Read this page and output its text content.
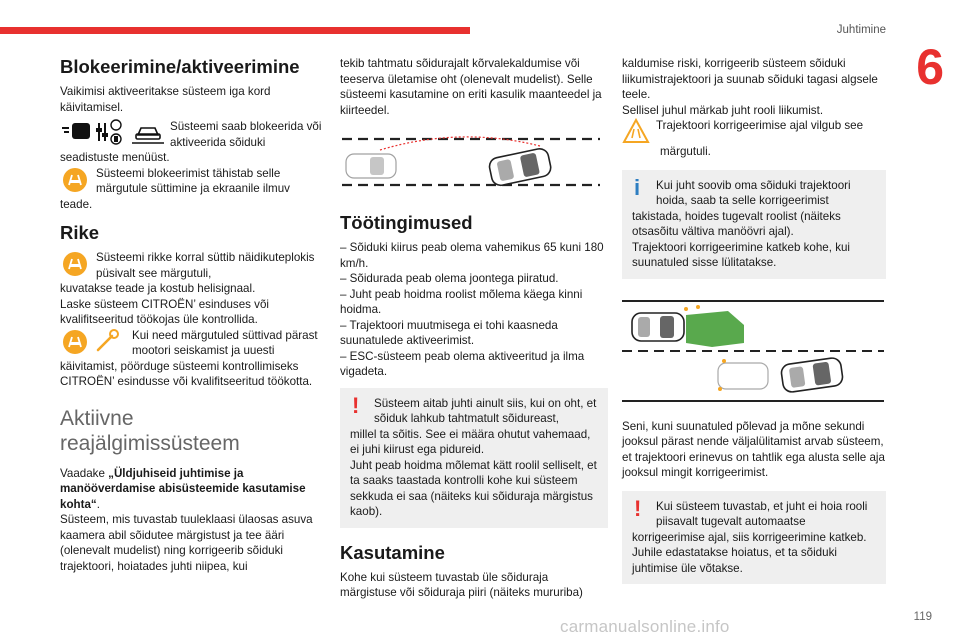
Juhtimine
6
Blokeerimine/aktiveerimine

Vaikimisi aktiveeritakse süsteem iga kord käivitamisel.

Süsteemi saab blokeerida või aktiveerida sõiduki

seadistuste menüüst.

Süsteemi blokeerimist tähistab selle märgutule süttimine ja ekraanile ilmuv

teade.

Rike

Süsteemi rikke korral süttib näidikuteplokis püsivalt see märgutuli,

kuvatakse teade ja kostub helisignaal.

Laske süsteem CITROËN’ esinduses või kvalifitseeritud töökojas üle kontrollida.

Kui need märgutuled süttivad pärast mootori seiskamist ja uuesti

käivitamist, pöörduge süsteemi kontrollimiseks CITROËN’ esindusse või kvalifitseeritud töökotta.

Aktiivne
reajälgimissüsteem

Vaadake „Üldjuhiseid juhtimise ja manööverdamise abisüsteemide kasutamise kohta“.

Süsteem, mis tuvastab tuuleklaasi ülaosas asuva kaamera abil sõidutee märgistust ja tee ääri (olenevalt mudelist) ning korrigeerib sõiduki trajektoori, hoiatades juhti niipea, kui

tekib tahtmatu sõidurajalt kõrvalekaldumise või teeserva ületamise oht (olenevalt mudelist). Selle süsteemi kasutamine on eriti kasulik maanteedel ja kiirteedel.

Töötingimused

– Sõiduki kiirus peab olema vahemikus 65 kuni 180 km/h.

– Sõidurada peab olema joontega piiratud.

– Juht peab hoidma roolist mõlema käega kinni hoidma.

– Trajektoori muutmisega ei tohi kaasneda suunatulede aktiveerimist.

– ESC-süsteem peab olema aktiveeritud ja ilma vigadeta.

!	Süsteem aitab juhti ainult siis, kui on oht, et sõiduk lahkub tahtmatult sõidureast,

millel ta sõitis. See ei määra ohutut vahemaad, ei juhi kiirust ega pidureid.

Juht peab hoidma mõlemat kätt roolil selliselt, et ta saaks taastada kontrolli kohe kui süsteem sekkuda ei saa (näiteks kui sõiduraja märgistus kaob).

Kasutamine

Kohe kui süsteem tuvastab üle sõiduraja märgistuse või sõiduraja piiri (näiteks mururiba)

kaldumise riski, korrigeerib süsteem sõiduki liikumistrajektoori ja suunab sõiduki tagasi algsele teele.

Sellisel juhul märkab juht rooli liikumist.

Trajektoori korrigeerimise ajal vilgub see

märgutuli.

i	Kui juht soovib oma sõiduki trajektoori hoida, saab ta selle korrigeerimist

takistada, hoides tugevalt roolist (näiteks otsasõitu vältiva manöövri ajal).

Trajektoori korrigeerimine katkeb kohe, kui suunatuled sisse lülitatakse.

Seni, kuni suunatuled põlevad ja mõne sekundi jooksul pärast nende väljalülitamist arvab süsteem, et trajektoori erinevus on tahtlik ega alusta selle aja jooksul mingit korrigeerimist.

!	Kui süsteem tuvastab, et juht ei hoia rooli piisavalt tugevalt automaatse

korrigeerimise ajal, siis korrigeerimine katkeb. Juhile edastatakse hoiatus, et ta sõiduki juhtimise üle võtakse.

119
carmanualsonline.info
